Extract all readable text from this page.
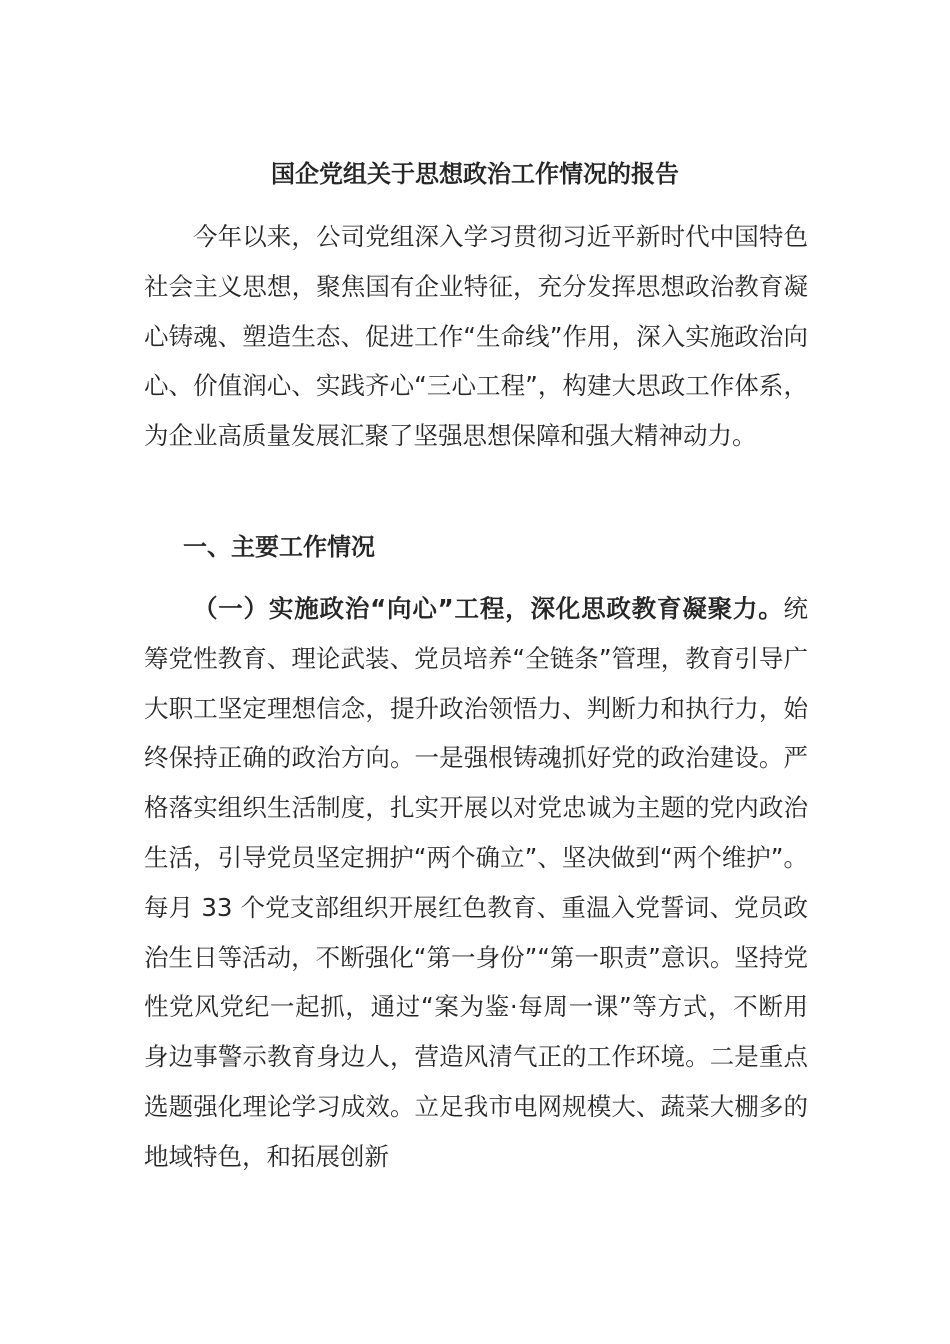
国企党组关于思想政治工作情况的报告

今年以来，公司党组深入学习贯彻习近平新时代中国特色社会主义思想，聚焦国有企业特征，充分发挥思想政治教育凝心铸魂、塑造生态、促进工作“生命线”作用，深入实施政治向心、价值润心、实践齐心“三心工程”，构建大思政工作体系，为企业高质量发展汇聚了坚强思想保障和强大精神动力。

一、主要工作情况

（一）实施政治“向心”工程，深化思政教育凝聚力。统筹党性教育、理论武装、党员培养“全链条”管理，教育引导广大职工坚定理想信念，提升政治领悟力、判断力和执行力，始终保持正确的政治方向。一是强根铸魂抓好党的政治建设。严格落实组织生活制度，扎实开展以对党忠诚为主题的党内政治生活，引导党员坚定拥护“两个确立”、坚决做到“两个维护”。每月 33 个党支部组织开展红色教育、重温入党誓词、党员政治生日等活动，不断强化“第一身份”“第一职责”意识。坚持党性党风党纪一起抓，通过“案为鉴·每周一课”等方式，不断用身边事警示教育身边人，营造风清气正的工作环境。二是重点选题强化理论学习成效。立足我市电网规模大、蔬菜大棚多的地域特色，和拓展创新
